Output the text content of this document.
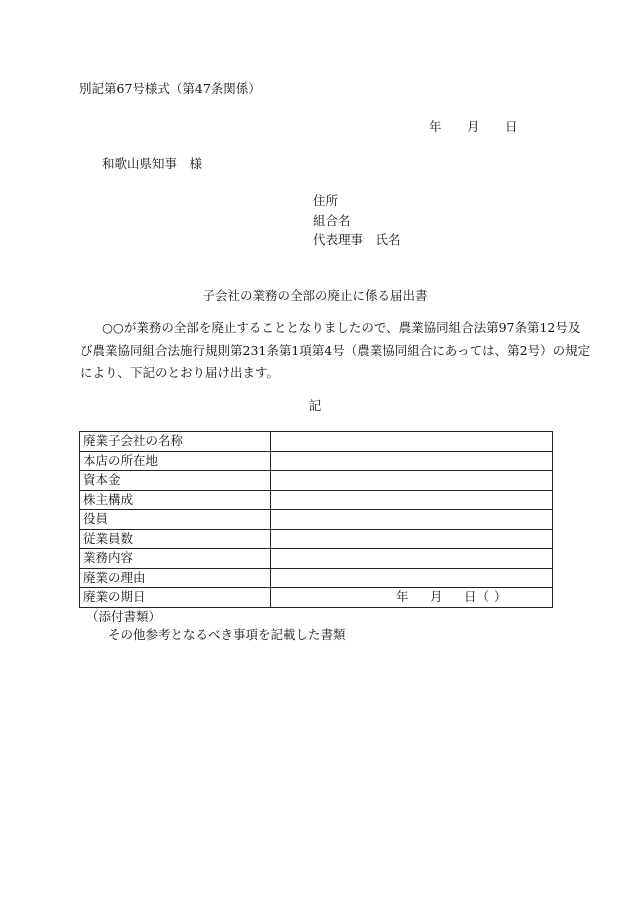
別記第67号様式（第47条関係）
年 月 日
和歌山県知事　様
住所
組合名
代表理事　氏名
子会社の業務の全部の廃止に係る届出書
○○が業務の全部を廃止することとなりましたので、農業協同組合法第97条第12号及
び農業協同組合法施行規則第231条第1項第4号（農業協同組合にあっては、第2号）の規定
により、下記のとおり届け出ます。
記
廃業子会社の名称	
本店の所在地	
資本金	
株主構成	
役員	
従業員数	
業務内容	
廃業の理由	
廃業の期日	年 月 日（ ）
（添付書類）
その他参考となるべき事項を記載した書類
